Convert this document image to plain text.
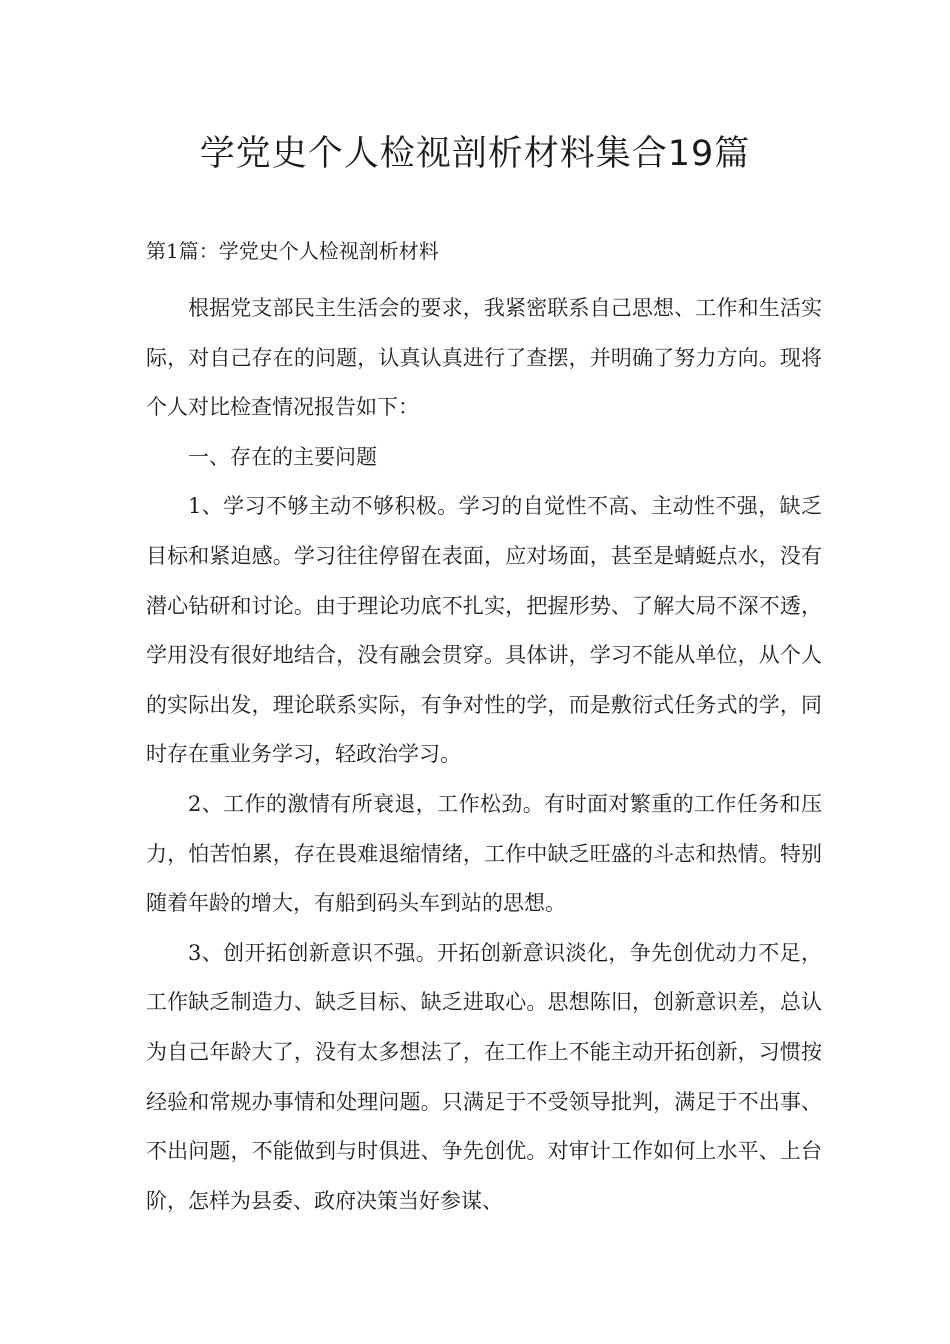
学党史个人检视剖析材料集合19篇
第1篇：学党史个人检视剖析材料

根据党支部民主生活会的要求，我紧密联系自己思想、工作和生活实际，对自己存在的问题，认真认真进行了查摆，并明确了努力方向。现将个人对比检查情况报告如下：

一、存在的主要问题

1、学习不够主动不够积极。学习的自觉性不高、主动性不强，缺乏目标和紧迫感。学习往往停留在表面，应对场面，甚至是蜻蜓点水，没有潜心钻研和讨论。由于理论功底不扎实，把握形势、了解大局不深不透，学用没有很好地结合，没有融会贯穿。具体讲，学习不能从单位，从个人的实际出发，理论联系实际，有争对性的学，而是敷衍式任务式的学，同时存在重业务学习，轻政治学习。

2、工作的激情有所衰退，工作松劲。有时面对繁重的工作任务和压力，怕苦怕累，存在畏难退缩情绪，工作中缺乏旺盛的斗志和热情。特别随着年龄的增大，有船到码头车到站的思想。

3、创开拓创新意识不强。开拓创新意识淡化，争先创优动力不足，工作缺乏制造力、缺乏目标、缺乏进取心。思想陈旧，创新意识差，总认为自己年龄大了，没有太多想法了，在工作上不能主动开拓创新，习惯按经验和常规办事情和处理问题。只满足于不受领导批判，满足于不出事、不出问题，不能做到与时俱进、争先创优。对审计工作如何上水平、上台阶，怎样为县委、政府决策当好参谋、
